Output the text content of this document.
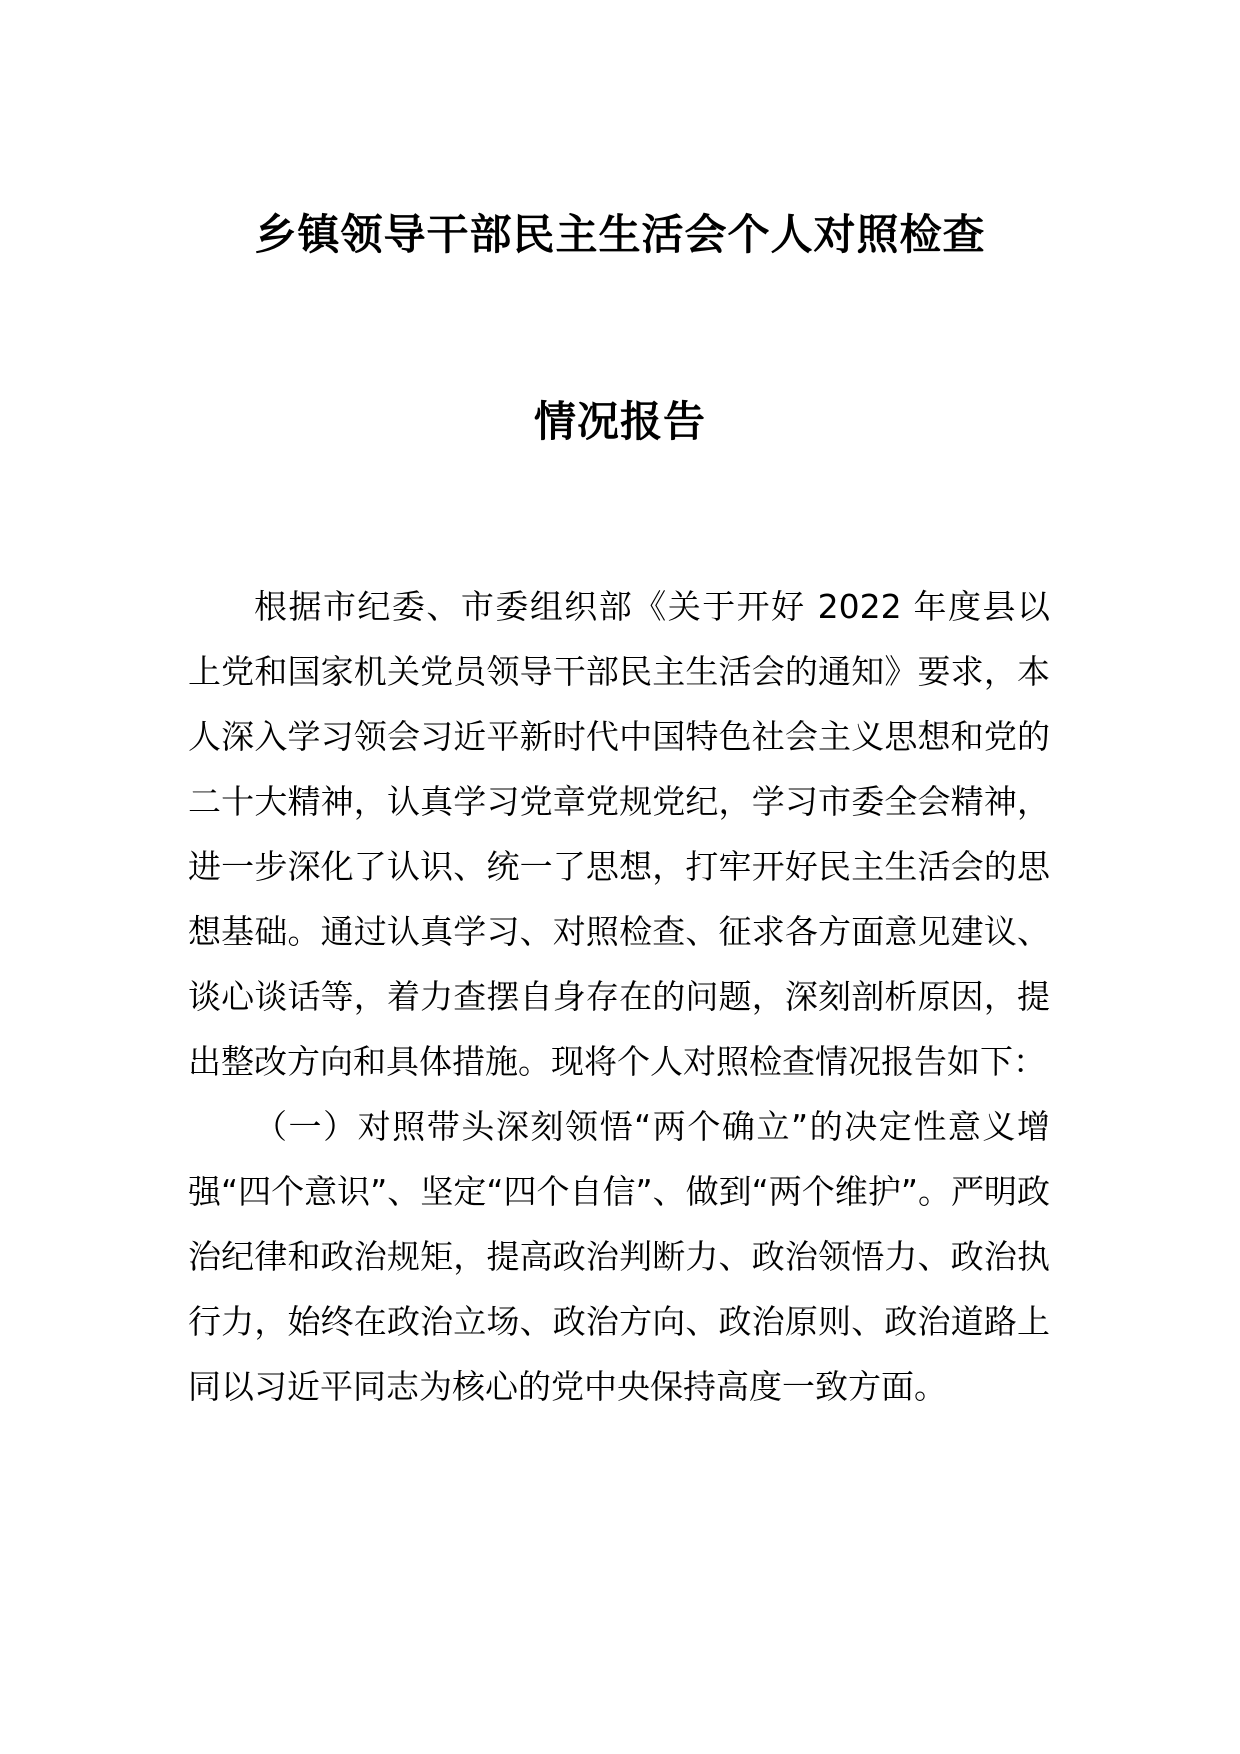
乡镇领导干部民主生活会个人对照检查
情况报告

根据市纪委、市委组织部《关于开好 2022 年度县以上党和国家机关党员领导干部民主生活会的通知》要求，本人深入学习领会习近平新时代中国特色社会主义思想和党的二十大精神，认真学习党章党规党纪，学习市委全会精神，进一步深化了认识、统一了思想，打牢开好民主生活会的思想基础。通过认真学习、对照检查、征求各方面意见建议、谈心谈话等，着力查摆自身存在的问题，深刻剖析原因，提出整改方向和具体措施。现将个人对照检查情况报告如下：

（一）对照带头深刻领悟“两个确立”的决定性意义增强“四个意识”、坚定“四个自信”、做到“两个维护”。严明政治纪律和政治规矩，提高政治判断力、政治领悟力、政治执行力，始终在政治立场、政治方向、政治原则、政治道路上同以习近平同志为核心的党中央保持高度一致方面。
